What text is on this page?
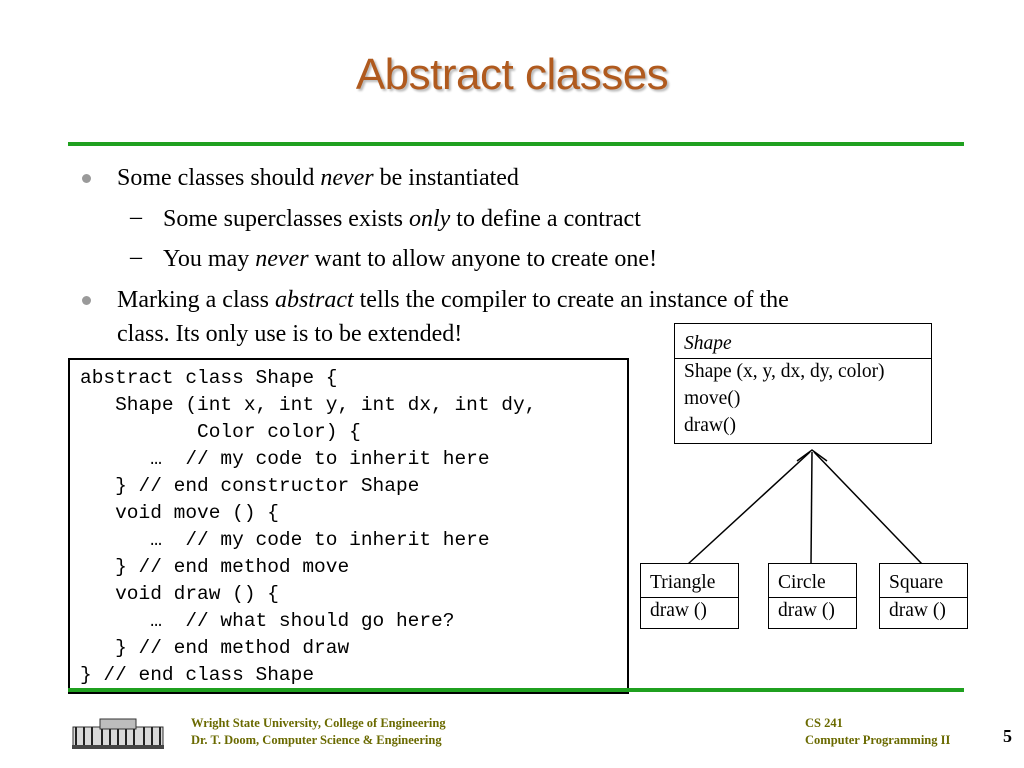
Abstract classes
Some classes should never be instantiated
– Some superclasses exists only to define a contract
– You may never want to allow anyone to create one!
Marking a class abstract tells the compiler to create an instance of the
class. Its only use is to be extended!
abstract class Shape {
Shape (int x, int y, int dx, int dy,
Color color) {
…  // my code to inherit here
} // end constructor Shape
void move () {
…  // my code to inherit here
} // end method move
void draw () {
…  // what should go here?
} // end method draw
} // end class Shape
Shape
Shape (x, y, dx, dy, color)
move()
draw()
Triangle
draw ()
Circle
draw ()
Square
draw ()
Wright State University, College of Engineering
Dr. T. Doom, Computer Science & Engineering
CS 241
Computer Programming II	5
